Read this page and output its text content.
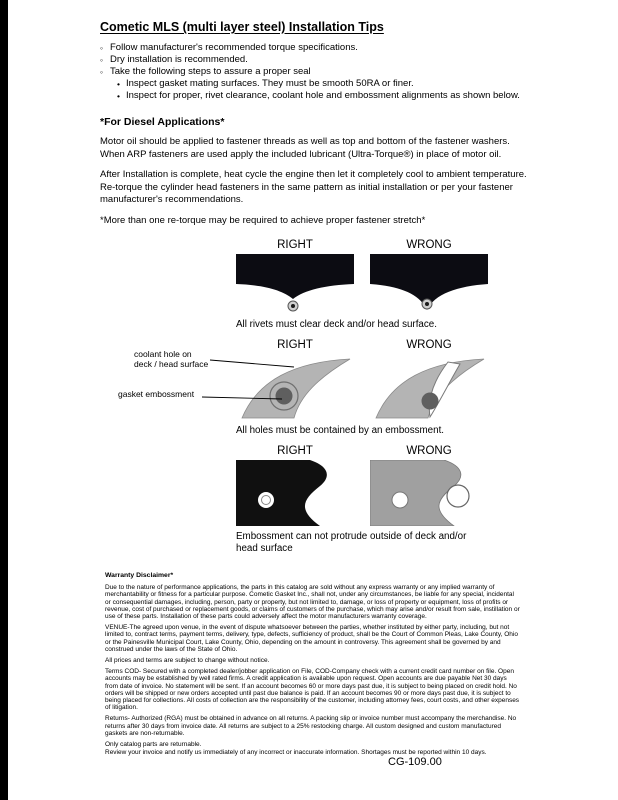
Cometic MLS (multi layer steel) Installation Tips
◦ Follow manufacturer's recommended torque specifications.
◦ Dry installation is recommended.
◦ Take the following steps to assure a proper seal
• Inspect gasket mating surfaces. They must be smooth 50RA or finer.
• Inspect for proper, rivet clearance, coolant hole and embossment alignments as shown below.
*For Diesel Applications*
Motor oil should be applied to fastener threads as well as top and bottom of the fastener washers. When ARP fasteners are used apply the included lubricant (Ultra-Torque®) in place of motor oil.
After Installation is complete, heat cycle the engine then let it completely cool to ambient temperature. Re-torque the cylinder head fasteners in the same pattern as initial installation or per your fastener manufacturer's recommendations.
*More than one re-torque may be required to achieve proper fastener stretch*
RIGHT	WRONG
All rivets must clear deck and/or head surface.
RIGHT	WRONG
coolant hole on deck / head surface
gasket embossment
All holes must be contained by an embossment.
RIGHT	WRONG
Embossment can not protrude outside of deck and/or head surface
Warranty Disclaimer*

Due to the nature of performance applications, the parts in this catalog are sold without any express warranty or any implied warranty of merchantability or fitness for a particular purpose. Cometic Gasket Inc., shall not, under any circumstances, be liable for any special, incidental or consequential damages, including, person, party or property, but not limited to, damage, or loss of property or equipment, loss of profits or revenue, cost of purchased or replacement goods, or claims of customers of the purchase, which may arise and/or result from sale, instillation or use of these parts. Installation of these parts could adversely affect the motor manufacturers warranty coverage.

VENUE-The agreed upon venue, in the event of dispute whatsoever between the parties, whether instituted by either party, including, but not limited to, contract terms, payment terms, delivery, type, defects, sufficiency of product, shall be the Court of Common Pleas, Lake County, Ohio or the Painesville Municipal Court, Lake County, Ohio, depending on the amount in controversy. This agreement shall be governed by and construed under the laws of the State of Ohio.

All prices and terms are subject to change without notice.

Terms COD- Secured with a completed dealer/jobber application on File, COD-Company check with a current credit card number on file. Open accounts may be established by well rated firms. A credit application is available upon request. Open accounts are due payable Net 30 days from date of invoice. No statement will be sent. If an account becomes 60 or more days past due, it is subject to being placed on credit hold. No orders will be shipped or new orders accepted until past due balance is paid. If an account becomes 90 or more days past due, it is subject to being placed for collections. All costs of collection are the responsibility of the customer, including attorney fees, court costs, and other expenses of litigation.

Returns- Authorized (RGA) must be obtained in advance on all returns. A packing slip or invoice number must accompany the merchandise. No returns after 30 days from invoice date. All returns are subject to a 25% restocking charge. All custom designed and custom manufactured gaskets are non-returnable.

Only catalog parts are returnable.

Review your invoice and notify us immediately of any incorrect or inaccurate information. Shortages must be reported within 10 days.

CG-109.00
